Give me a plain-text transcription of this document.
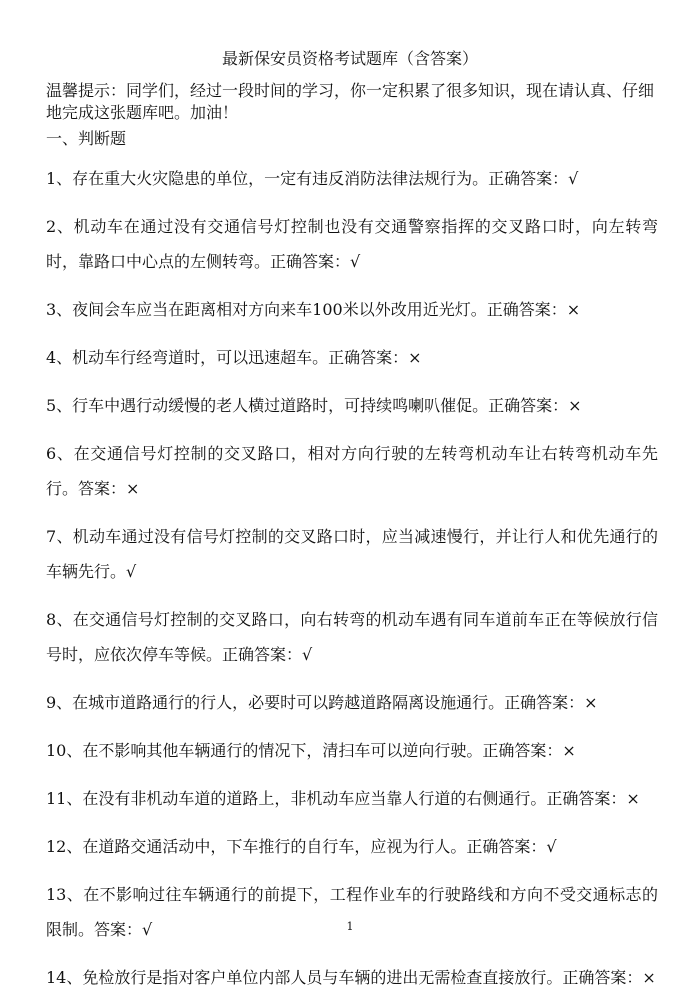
最新保安员资格考试题库（含答案）

温馨提示：同学们，经过一段时间的学习，你一定积累了很多知识，现在请认真、仔细地完成这张题库吧。加油！

一、判断题
1、存在重大火灾隐患的单位，一定有违反消防法律法规行为。正确答案：√
2、机动车在通过没有交通信号灯控制也没有交通警察指挥的交叉路口时，向左转弯时，靠路口中心点的左侧转弯。正确答案：√
3、夜间会车应当在距离相对方向来车100米以外改用近光灯。正确答案：×
4、机动车行经弯道时，可以迅速超车。正确答案：×
5、行车中遇行动缓慢的老人横过道路时，可持续鸣喇叭催促。正确答案：×
6、在交通信号灯控制的交叉路口，相对方向行驶的左转弯机动车让右转弯机动车先行。答案：×
7、机动车通过没有信号灯控制的交叉路口时，应当减速慢行，并让行人和优先通行的车辆先行。√
8、在交通信号灯控制的交叉路口，向右转弯的机动车遇有同车道前车正在等候放行信号时，应依次停车等候。正确答案：√
9、在城市道路通行的行人，必要时可以跨越道路隔离设施通行。正确答案：×
10、在不影响其他车辆通行的情况下，清扫车可以逆向行驶。正确答案：×
11、在没有非机动车道的道路上，非机动车应当靠人行道的右侧通行。正确答案：×
12、在道路交通活动中，下车推行的自行车，应视为行人。正确答案：√
13、在不影响过往车辆通行的前提下，工程作业车的行驶路线和方向不受交通标志的限制。答案：√
14、免检放行是指对客户单位内部人员与车辆的进出无需检查直接放行。正确答案：×
1
